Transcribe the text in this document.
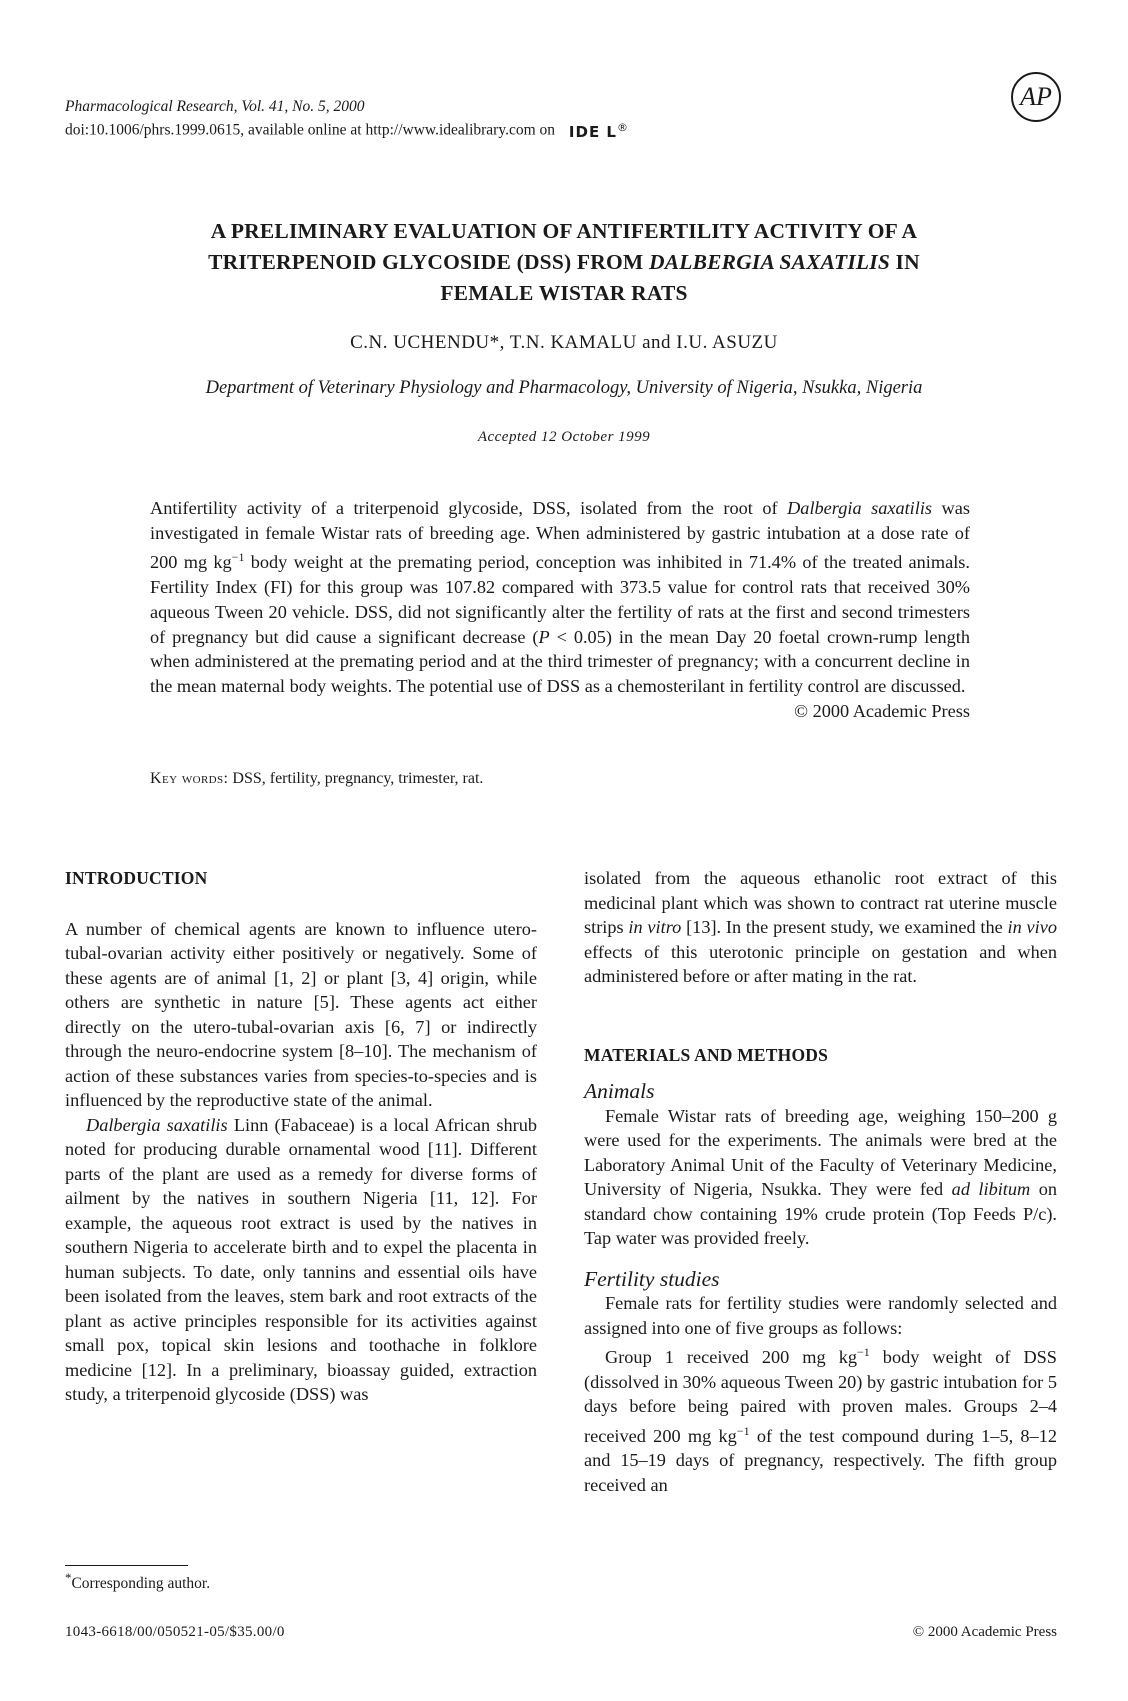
Pharmacological Research, Vol. 41, No. 5, 2000
doi:10.1006/phrs.1999.0615, available online at http://www.idealibrary.com on IDE L®
AP
A PRELIMINARY EVALUATION OF ANTIFERTILITY ACTIVITY OF A
TRITERPENOID GLYCOSIDE (DSS) FROM DALBERGIA SAXATILIS IN
FEMALE WISTAR RATS
C.N. UCHENDU*, T.N. KAMALU and I.U. ASUZU
Department of Veterinary Physiology and Pharmacology, University of Nigeria, Nsukka, Nigeria
Accepted 12 October 1999
Antifertility activity of a triterpenoid glycoside, DSS, isolated from the root of Dalbergia saxatilis was investigated in female Wistar rats of breeding age. When administered by gastric intubation at a dose rate of 200 mg $kg^{-1}$ body weight at the premating period, conception was inhibited in 71.4% of the treated animals. Fertility Index (FI) for this group was 107.82 compared with 373.5 value for control rats that received 30% aqueous Tween 20 vehicle. DSS, did not significantly alter the fertility of rats at the first and second trimesters of pregnancy but did cause a significant decrease (P < 0.05) in the mean Day 20 foetal crown-rump length when administered at the premating period and at the third trimester of pregnancy; with a concurrent decline in the mean maternal body weights. The potential use of DSS as a chemosterilant in fertility control are discussed.
© 2000 Academic Press
Key words: DSS, fertility, pregnancy, trimester, rat.
INTRODUCTION

A number of chemical agents are known to influence utero-tubal-ovarian activity either positively or negatively. Some of these agents are of animal [1, 2] or plant [3, 4] origin, while others are synthetic in nature [5]. These agents act either directly on the utero-tubal-ovarian axis [6, 7] or indirectly through the neuro-endocrine system [8–10]. The mechanism of action of these substances varies from species-to-species and is influenced by the reproductive state of the animal.

Dalbergia saxatilis Linn (Fabaceae) is a local African shrub noted for producing durable ornamental wood [11]. Different parts of the plant are used as a remedy for diverse forms of ailment by the natives in southern Nigeria [11, 12]. For example, the aqueous root extract is used by the natives in southern Nigeria to accelerate birth and to expel the placenta in human subjects. To date, only tannins and essential oils have been isolated from the leaves, stem bark and root extracts of the plant as active principles responsible for its activities against small pox, topical skin lesions and toothache in folklore medicine [12]. In a preliminary, bioassay guided, extraction study, a triterpenoid glycoside (DSS) was

isolated from the aqueous ethanolic root extract of this medicinal plant which was shown to contract rat uterine muscle strips in vitro [13]. In the present study, we examined the in vivo effects of this uterotonic principle on gestation and when administered before or after mating in the rat.

MATERIALS AND METHODS
Animals

Female Wistar rats of breeding age, weighing 150–200 g were used for the experiments. The animals were bred at the Laboratory Animal Unit of the Faculty of Veterinary Medicine, University of Nigeria, Nsukka. They were fed ad libitum on standard chow containing 19% crude protein (Top Feeds P/c). Tap water was provided freely.

Fertility studies

Female rats for fertility studies were randomly selected and assigned into one of five groups as follows:

Group 1 received 200 mg $kg^{-1}$ body weight of DSS (dissolved in 30% aqueous Tween 20) by gastric intubation for 5 days before being paired with proven males. Groups 2–4 received 200 mg $kg^{-1}$ of the test compound during 1–5, 8–12 and 15–19 days of pregnancy, respectively. The fifth group received an

*Corresponding author.
1043-6618/00/050521-05/$35.00/0	© 2000 Academic Press
